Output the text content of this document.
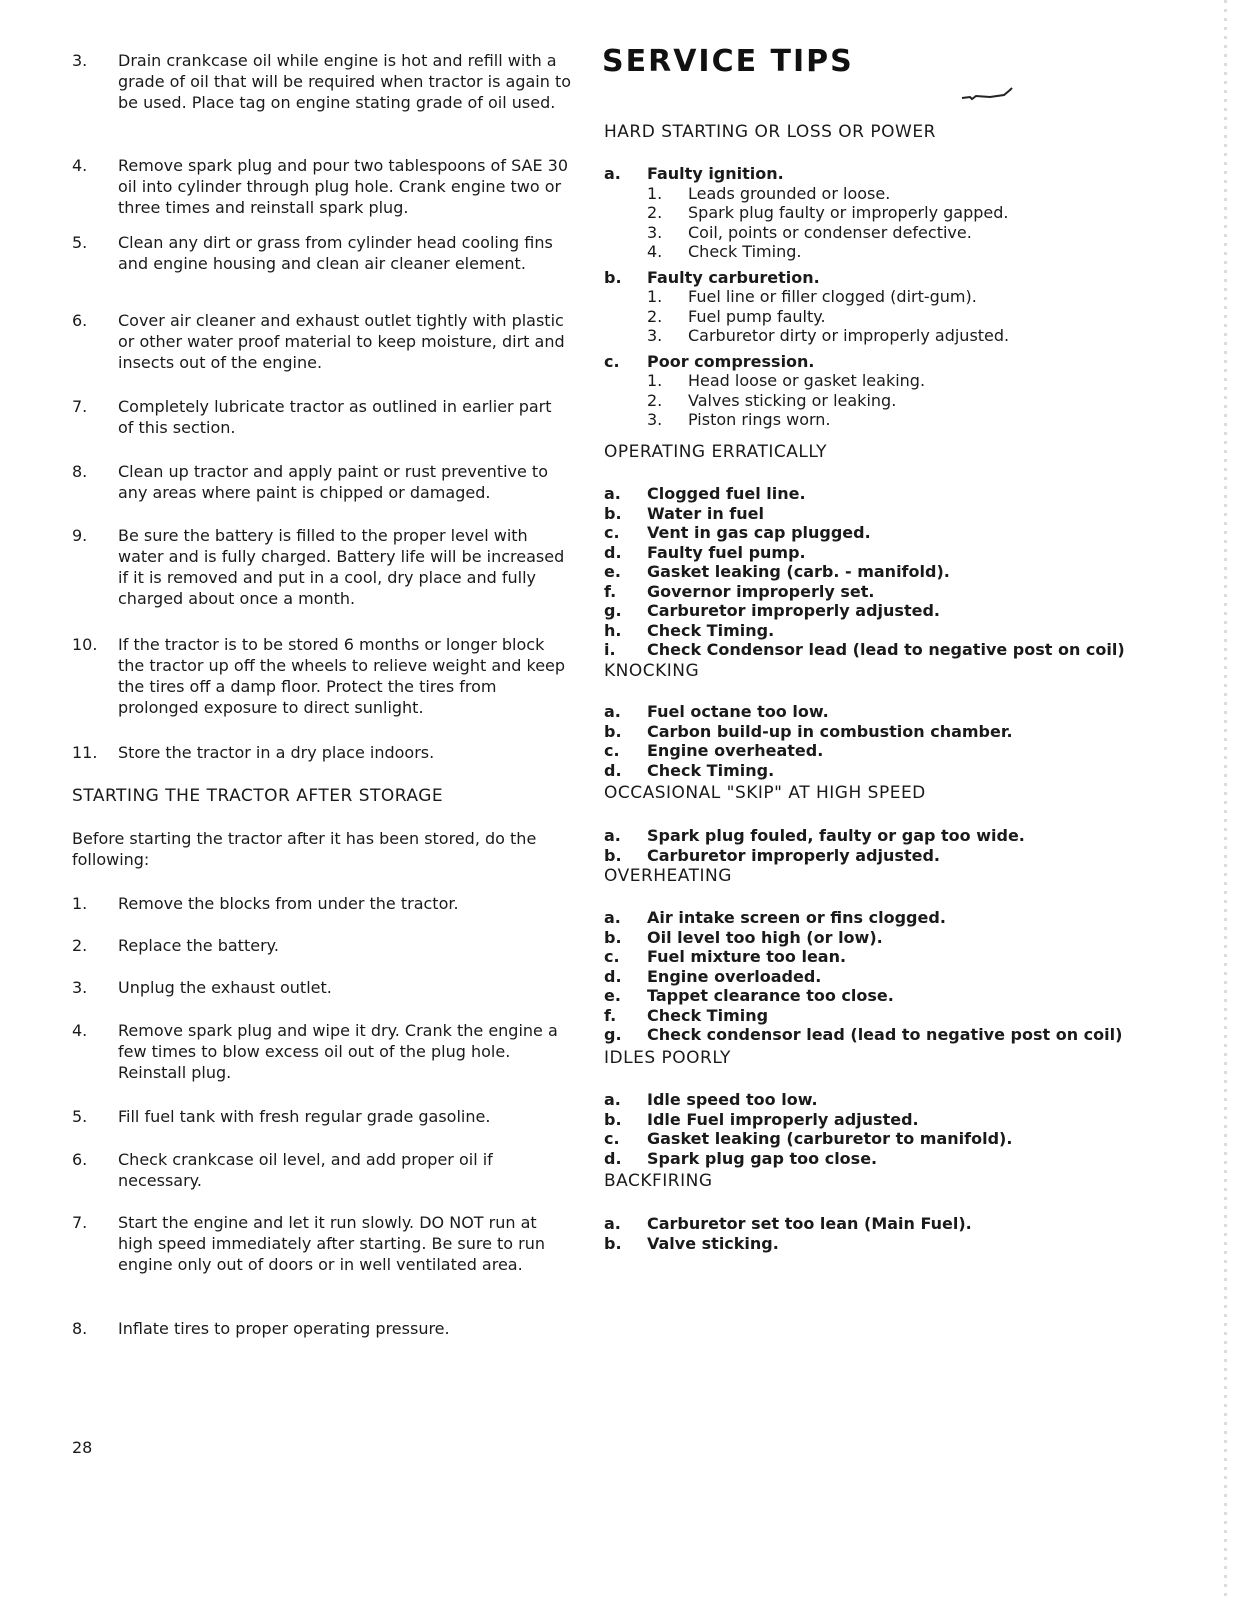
3.	Drain crankcase oil while engine is hot and refill with a grade of oil that will be required when tractor is again to be used. Place tag on engine stating grade of oil used.
4.	Remove spark plug and pour two tablespoons of SAE 30 oil into cylinder through plug hole. Crank engine two or three times and reinstall spark plug.
5.	Clean any dirt or grass from cylinder head cooling fins and engine housing and clean air cleaner element.
6.	Cover air cleaner and exhaust outlet tightly with plastic or other water proof material to keep moisture, dirt and insects out of the engine.
7.	Completely lubricate tractor as outlined in earlier part of this section.
8.	Clean up tractor and apply paint or rust preventive to any areas where paint is chipped or damaged.
9.	Be sure the battery is filled to the proper level with water and is fully charged. Battery life will be increased if it is removed and put in a cool, dry place and fully charged about once a month.
10.	If the tractor is to be stored 6 months or longer block the tractor up off the wheels to relieve weight and keep the tires off a damp floor. Protect the tires from prolonged exposure to direct sunlight.
11.	Store the tractor in a dry place indoors.
STARTING THE TRACTOR AFTER STORAGE
Before starting the tractor after it has been stored, do the following:
1.	Remove the blocks from under the tractor.
2.	Replace the battery.
3.	Unplug the exhaust outlet.
4.	Remove spark plug and wipe it dry. Crank the engine a few times to blow excess oil out of the plug hole. Reinstall plug.
5.	Fill fuel tank with fresh regular grade gasoline.
6.	Check crankcase oil level, and add proper oil if necessary.
7.	Start the engine and let it run slowly. DO NOT run at high speed immediately after starting. Be sure to run engine only out of doors or in well ventilated area.
8.	Inflate tires to proper operating pressure.
28
SERVICE TIPS
HARD STARTING OR LOSS OR POWER
a.	Faulty ignition.
1. Leads grounded or loose.
2. Spark plug faulty or improperly gapped.
3. Coil, points or condenser defective.
4. Check Timing.
b.	Faulty carburetion.
1. Fuel line or filler clogged (dirt-gum).
2. Fuel pump faulty.
3. Carburetor dirty or improperly adjusted.
c.	Poor compression.
1. Head loose or gasket leaking.
2. Valves sticking or leaking.
3. Piston rings worn.
OPERATING ERRATICALLY
a.	Clogged fuel line.
b.	Water in fuel
c.	Vent in gas cap plugged.
d.	Faulty fuel pump.
e.	Gasket leaking (carb. - manifold).
f.	Governor improperly set.
g.	Carburetor improperly adjusted.
h.	Check Timing.
i.	Check Condensor lead (lead to negative post on coil)
KNOCKING
a.	Fuel octane too low.
b.	Carbon build-up in combustion chamber.
c.	Engine overheated.
d.	Check Timing.
OCCASIONAL "SKIP" AT HIGH SPEED
a.	Spark plug fouled, faulty or gap too wide.
b.	Carburetor improperly adjusted.
OVERHEATING
a.	Air intake screen or fins clogged.
b.	Oil level too high (or low).
c.	Fuel mixture too lean.
d.	Engine overloaded.
e.	Tappet clearance too close.
f.	Check Timing
g.	Check condensor lead (lead to negative post on coil)
IDLES POORLY
a.	Idle speed too low.
b.	Idle Fuel improperly adjusted.
c.	Gasket leaking (carburetor to manifold).
d.	Spark plug gap too close.
BACKFIRING
a.	Carburetor set too lean (Main Fuel).
b.	Valve sticking.
